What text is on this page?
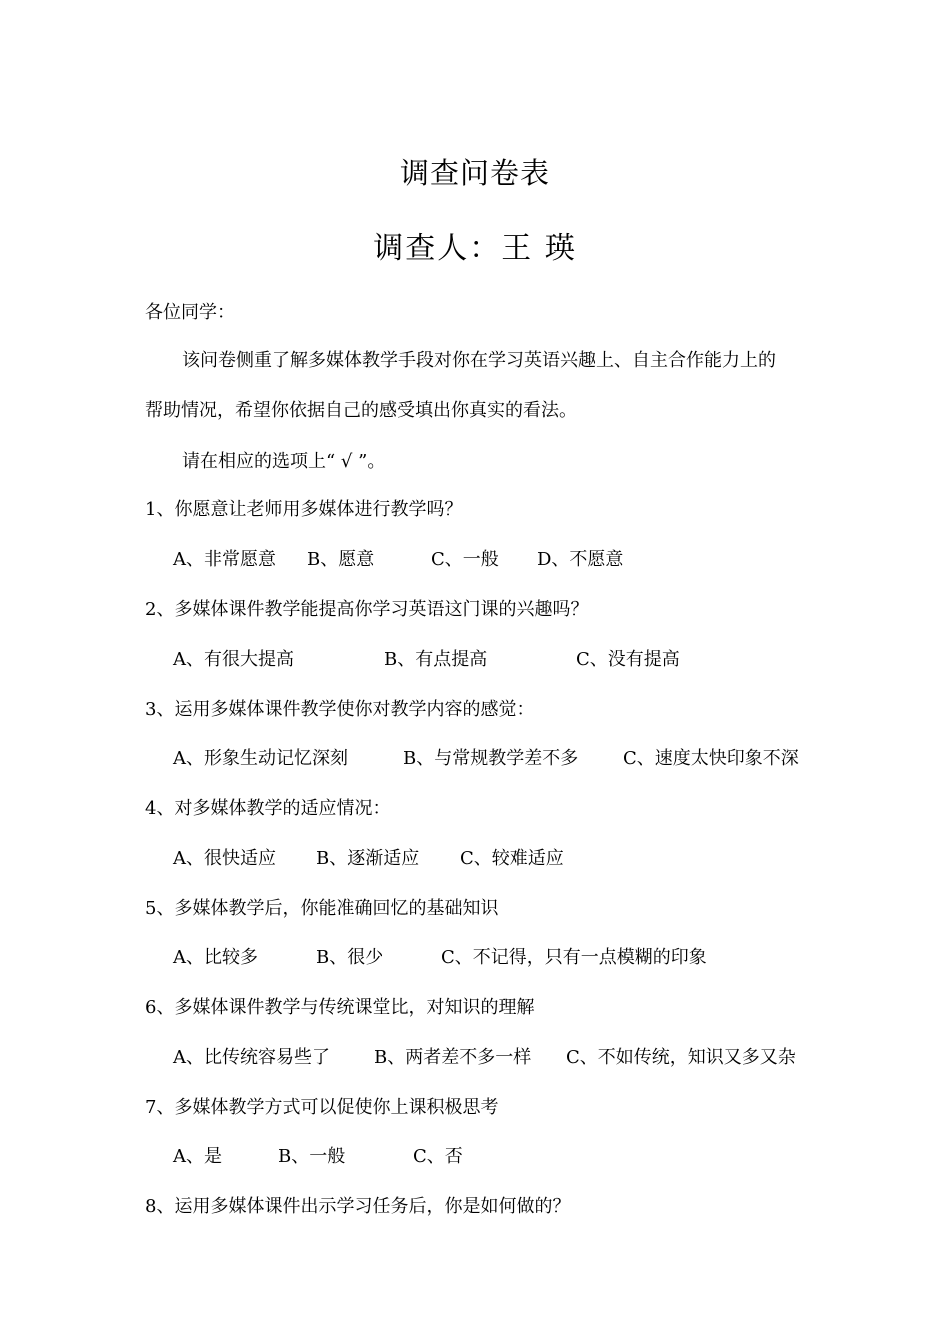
调查问卷表
调查人：王 瑛
各位同学：
该问卷侧重了解多媒体教学手段对你在学习英语兴趣上、自主合作能力上的
帮助情况，希望你依据自己的感受填出你真实的看法。
请在相应的选项上“ √ ”。
1、你愿意让老师用多媒体进行教学吗？
A、非常愿意 B、愿意	C、一般 D、不愿意
2、多媒体课件教学能提高你学习英语这门课的兴趣吗？
A、有很大提高	B、有点提高	C、没有提高
3、运用多媒体课件教学使你对教学内容的感觉：
A、形象生动记忆深刻	B、与常规教学差不多 C、速度太快印象不深
4、对多媒体教学的适应情况：
A、很快适应 B、逐渐适应 C、较难适应
5、多媒体教学后，你能准确回忆的基础知识
A、比较多	B、很少	C、不记得，只有一点模糊的印象
6、多媒体课件教学与传统课堂比，对知识的理解
A、比传统容易些了 B、两者差不多一样 C、不如传统，知识又多又杂
7、多媒体教学方式可以促使你上课积极思考
A、是	B、一般	C、否
8、运用多媒体课件出示学习任务后，你是如何做的？
